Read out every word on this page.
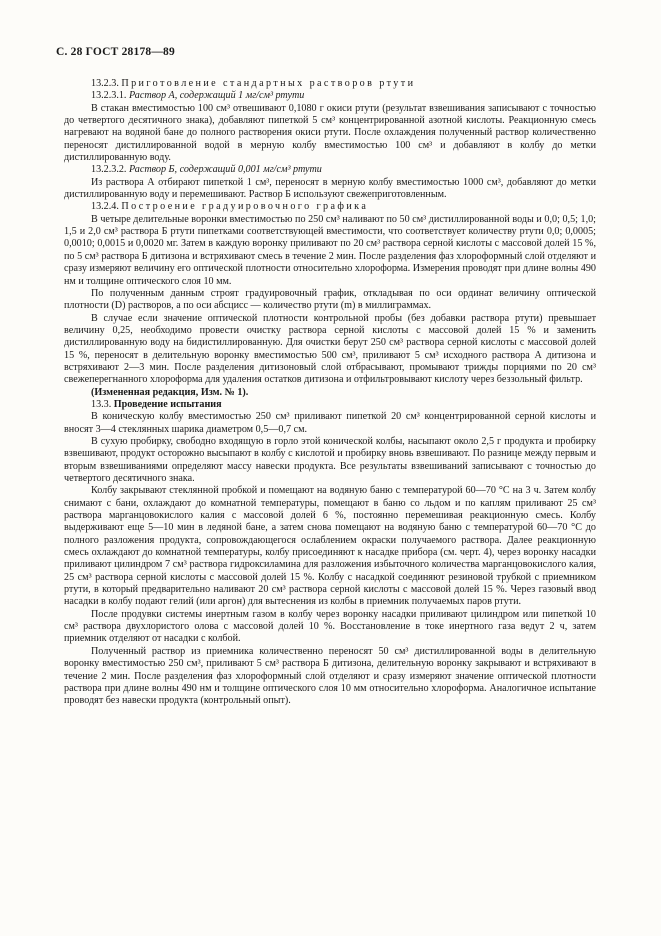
С. 28 ГОСТ 28178—89

13.2.3. Приготовление стандартных растворов ртути

13.2.3.1. Раствор А, содержащий 1 мг/см³ ртути

В стакан вместимостью 100 см³ отвешивают 0,1080 г окиси ртути (результат взвешивания записывают с точностью до четвертого десятичного знака), добавляют пипеткой 5 см³ концентрированной азотной кислоты. Реакционную смесь нагревают на водяной бане до полного растворения окиси ртути. После охлаждения полученный раствор количественно переносят дистиллированной водой в мерную колбу вместимостью 100 см³ и добавляют в колбу до метки дистиллированную воду.

13.2.3.2. Раствор Б, содержащий 0,001 мг/см³ ртути

Из раствора А отбирают пипеткой 1 см³, переносят в мерную колбу вместимостью 1000 см³, добавляют до метки дистиллированную воду и перемешивают. Раствор Б используют свежеприготовленным.

13.2.4. Построение градуировочного графика

В четыре делительные воронки вместимостью по 250 см³ наливают по 50 см³ дистиллированной воды и 0,0; 0,5; 1,0; 1,5 и 2,0 см³ раствора Б ртути пипетками соответствующей вместимости, что соответствует количеству ртути 0,0; 0,0005; 0,0010; 0,0015 и 0,0020 мг. Затем в каждую воронку приливают по 20 см³ раствора серной кислоты с массовой долей 15 %, по 5 см³ раствора Б дитизона и встряхивают смесь в течение 2 мин. После разделения фаз хлороформный слой отделяют и сразу измеряют величину его оптической плотности относительно хлороформа. Измерения проводят при длине волны 490 нм и толщине оптического слоя 10 мм.

По полученным данным строят градуировочный график, откладывая по оси ординат величину оптической плотности (D) растворов, а по оси абсцисс — количество ртути (m) в миллиграммах.

В случае если значение оптической плотности контрольной пробы (без добавки раствора ртути) превышает величину 0,25, необходимо провести очистку раствора серной кислоты с массовой долей 15 % и заменить дистиллированную воду на бидистиллированную. Для очистки берут 250 см³ раствора серной кислоты с массовой долей 15 %, переносят в делительную воронку вместимостью 500 см³, приливают 5 см³ исходного раствора А дитизона и встряхивают 2—3 мин. После разделения дитизоновый слой отбрасывают, промывают трижды порциями по 20 см³ свежеперегнанного хлороформа для удаления остатков дитизона и отфильтровывают кислоту через беззольный фильтр.

(Измененная редакция, Изм. № 1).

13.3. Проведение испытания

В коническую колбу вместимостью 250 см³ приливают пипеткой 20 см³ концентрированной серной кислоты и вносят 3—4 стеклянных шарика диаметром 0,5—0,7 см.

В сухую пробирку, свободно входящую в горло этой конической колбы, насыпают около 2,5 г продукта и пробирку взвешивают, продукт осторожно высыпают в колбу с кислотой и пробирку вновь взвешивают. По разнице между первым и вторым взвешиваниями определяют массу навески продукта. Все результаты взвешиваний записывают с точностью до четвертого десятичного знака.

Колбу закрывают стеклянной пробкой и помещают на водяную баню с температурой 60—70 °С на 3 ч. Затем колбу снимают с бани, охлаждают до комнатной температуры, помещают в баню со льдом и по каплям приливают 25 см³ раствора марганцовокислого калия с массовой долей 6 %, постоянно перемешивая реакционную смесь. Колбу выдерживают еще 5—10 мин в ледяной бане, а затем снова помещают на водяную баню с температурой 60—70 °С до полного разложения продукта, сопровождающегося ослаблением окраски получаемого раствора. Далее реакционную смесь охлаждают до комнатной температуры, колбу присоединяют к насадке прибора (см. черт. 4), через воронку насадки приливают цилиндром 7 см³ раствора гидроксиламина для разложения избыточного количества марганцовокислого калия, 25 см³ раствора серной кислоты с массовой долей 15 %. Колбу с насадкой соединяют резиновой трубкой с приемником ртути, в который предварительно наливают 20 см³ раствора серной кислоты с массовой долей 15 %. Через газовый ввод насадки в колбу подают гелий (или аргон) для вытеснения из колбы в приемник получаемых паров ртути.

После продувки системы инертным газом в колбу через воронку насадки приливают цилиндром или пипеткой 10 см³ раствора двухлористого олова с массовой долей 10 %. Восстановление в токе инертного газа ведут 2 ч, затем приемник отделяют от насадки с колбой.

Полученный раствор из приемника количественно переносят 50 см³ дистиллированной воды в делительную воронку вместимостью 250 см³, приливают 5 см³ раствора Б дитизона, делительную воронку закрывают и встряхивают в течение 2 мин. После разделения фаз хлороформный слой отделяют и сразу измеряют значение оптической плотности раствора при длине волны 490 нм и толщине оптического слоя 10 мм относительно хлороформа. Аналогичное испытание проводят без навески продукта (контрольный опыт).
